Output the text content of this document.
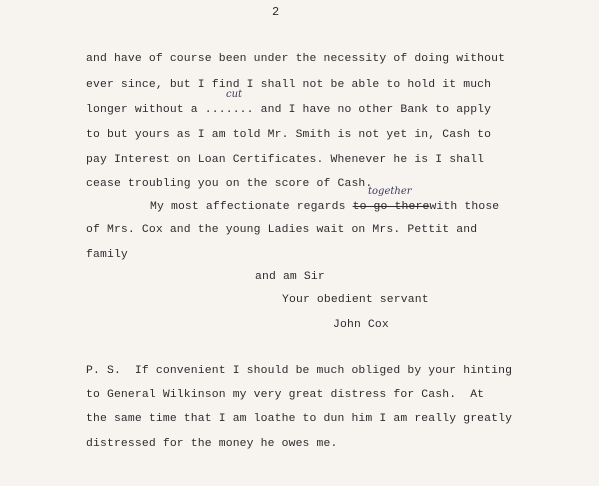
2
and have of course been under the necessity of doing without
ever since, but I find I shall not be able to hold it much
longer without a ....... and I have no other Bank to apply
cut
to but yours as I am told Mr. Smith is not yet in, Cash to
pay Interest on Loan Certificates. Whenever he is I shall
cease troubling you on the score of Cash.
together
My most affectionate regards to go therewith those
of Mrs. Cox and the young Ladies wait on Mrs. Pettit and
family
and am Sir
Your obedient servant
John Cox
P. S.  If convenient I should be much obliged by your hinting
to General Wilkinson my very great distress for Cash.  At
the same time that I am loathe to dun him I am really greatly
distressed for the money he owes me.
